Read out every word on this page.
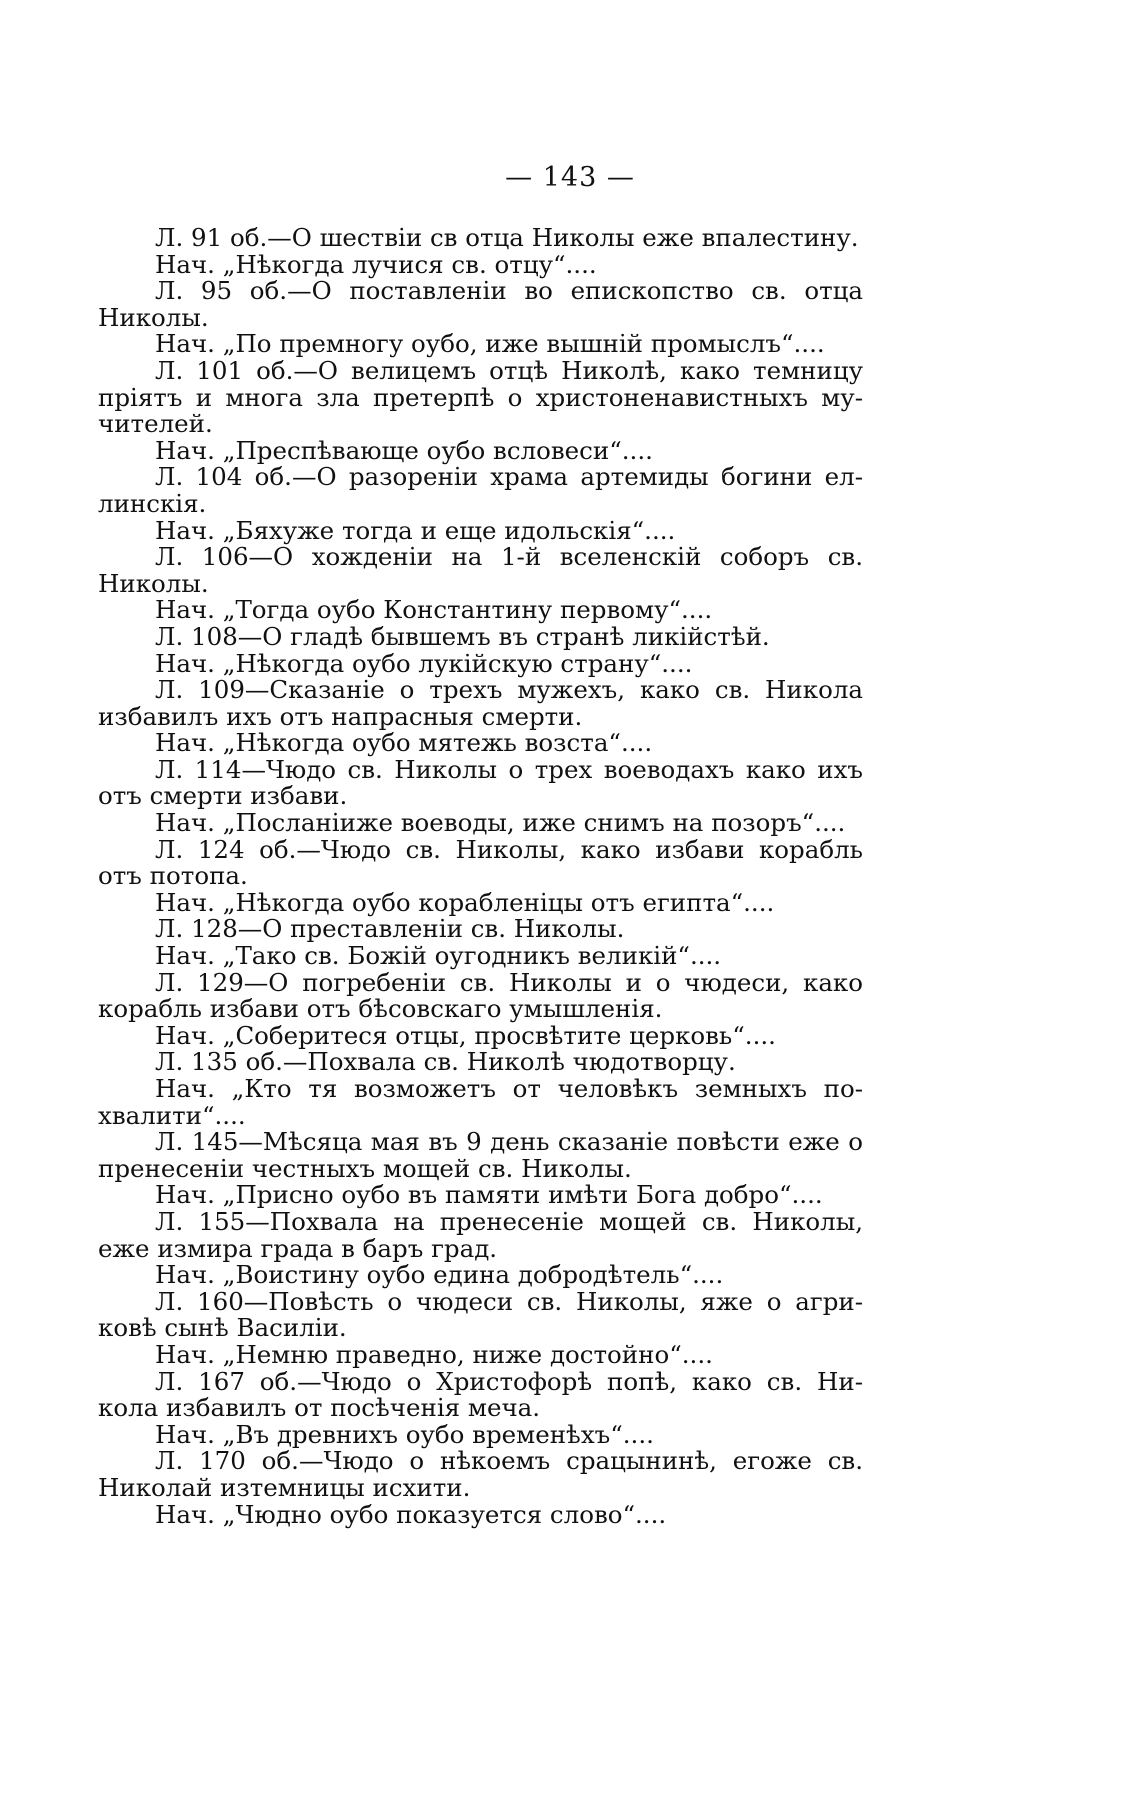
— 143 —

Л. 91 об.—О шествiи св отца Николы еже впалестину.

Нач. „Нѣкогда лучися св. отцу“....

Л. 95 об.—О поставленiи во епископство св. отца Николы.

Нач. „По премногу оубо, иже вышнiй промыслъ“....

Л. 101 об.—О велицемъ отцѣ Николѣ, како темницу прiятъ и многа зла претерпѣ о христоненавистныхъ му-чителей.

Нач. „Преспѣвающе оубо всловеси“....

Л. 104 об.—О разоренiи храма артемиды богини ел-линскiя.

Нач. „Бяхуже тогда и еще идольскiя“....

Л. 106—О хожденiи на 1-й вселенскiй соборъ св. Николы.

Нач. „Тогда оубо Константину первому“....

Л. 108—О гладѣ бывшемъ въ странѣ ликiйстѣй.

Нач. „Нѣкогда оубо лукiйскую страну“....

Л. 109—Сказанiе о трехъ мужехъ, како св. Никола избавилъ ихъ отъ напрасныя смерти.

Нач. „Нѣкогда оубо мятежь возста“....

Л. 114—Чюдо св. Николы о трех воеводахъ како ихъ отъ смерти избави.

Нач. „Посланiиже воеводы, иже снимъ на позоръ“....

Л. 124 об.—Чюдо св. Николы, како избави корабль отъ потопа.

Нач. „Нѣкогда оубо корабленiцы отъ египта“....

Л. 128—О преставленiи св. Николы.

Нач. „Тако св. Божiй оугодникъ великiй“....

Л. 129—О погребенiи св. Николы и о чюдеси, како корабль избави отъ бѣсовскаго умышленiя.

Нач. „Соберитеся отцы, просвѣтите церковь“....

Л. 135 об.—Похвала св. Николѣ чюдотворцу.

Нач. „Кто тя возможетъ от человѣкъ земныхъ по-хвалити“....

Л. 145—Мѣсяца мая въ 9 день сказанiе повѣсти еже о пренесенiи честныхъ мощей св. Николы.

Нач. „Присно оубо въ памяти имѣти Бога добро“....

Л. 155—Похвала на пренесенiе мощей св. Николы, еже измира града в баръ град.

Нач. „Воистину оубо едина добродѣтель“....

Л. 160—Повѣсть о чюдеси св. Николы, яже о агри-ковѣ сынѣ Василiи.

Нач. „Немню праведно, ниже достойно“....

Л. 167 об.—Чюдо о Христофорѣ попѣ, како св. Ни-кола избавилъ от посѣченiя меча.

Нач. „Въ древнихъ оубо временѣхъ“....

Л. 170 об.—Чюдо о нѣкоемъ срацынинѣ, егоже св. Николай изтемницы исхити.

Нач. „Чюдно оубо показуется слово“....
